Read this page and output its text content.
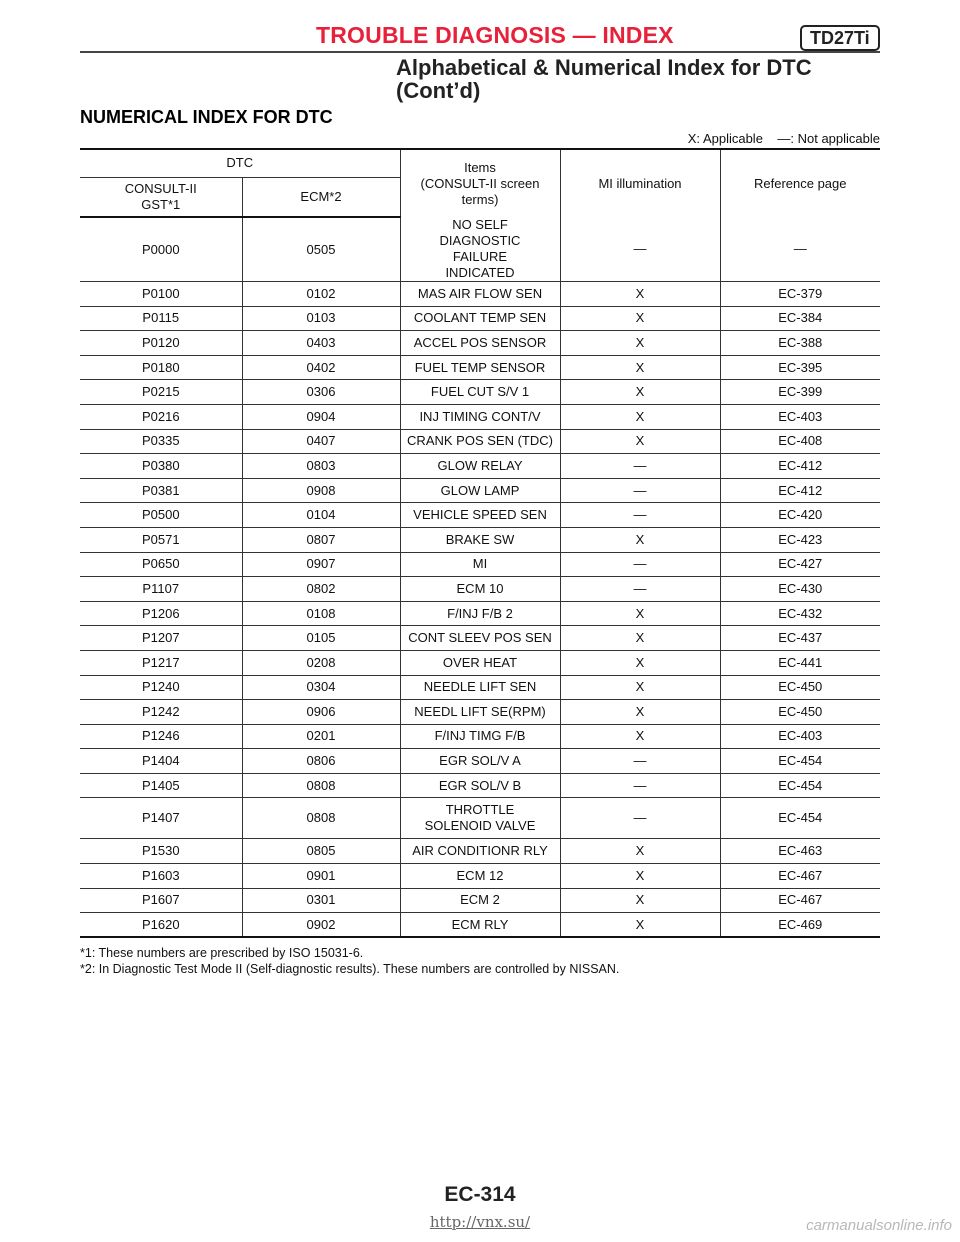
TROUBLE DIAGNOSIS — INDEX	TD27Ti
Alphabetical & Numerical Index for DTC
(Cont’d)
NUMERICAL INDEX FOR DTC
X: Applicable    —: Not applicable
DTC		Items
(CONSULT-II screen
terms)	MI illumination	Reference page

CONSULT-II
GST*1	ECM*2			
P0000	0505	NO SELF DIAGNOSTIC FAILURE INDICATED	—	—
P0100	0102	MAS AIR FLOW SEN	X	EC-379
P0115	0103	COOLANT TEMP SEN	X	EC-384
P0120	0403	ACCEL POS SENSOR	X	EC-388
P0180	0402	FUEL TEMP SENSOR	X	EC-395
P0215	0306	FUEL CUT S/V 1	X	EC-399
P0216	0904	INJ TIMING CONT/V	X	EC-403
P0335	0407	CRANK POS SEN (TDC)	X	EC-408
P0380	0803	GLOW RELAY	—	EC-412
P0381	0908	GLOW LAMP	—	EC-412
P0500	0104	VEHICLE SPEED SEN	—	EC-420
P0571	0807	BRAKE SW	X	EC-423
P0650	0907	MI	—	EC-427
P1107	0802	ECM 10	—	EC-430
P1206	0108	F/INJ F/B 2	X	EC-432
P1207	0105	CONT SLEEV POS SEN	X	EC-437
P1217	0208	OVER HEAT	X	EC-441
P1240	0304	NEEDLE LIFT SEN	X	EC-450
P1242	0906	NEEDL LIFT SE(RPM)	X	EC-450
P1246	0201	F/INJ TIMG F/B	X	EC-403
P1404	0806	EGR SOL/V A	—	EC-454
P1405	0808	EGR SOL/V B	—	EC-454
P1407	0808	THROTTLE SOLENOID VALVE	—	EC-454
P1530	0805	AIR CONDITIONR RLY	X	EC-463
P1603	0901	ECM 12	X	EC-467
P1607	0301	ECM 2	X	EC-467
P1620	0902	ECM RLY	X	EC-469
*1: These numbers are prescribed by ISO 15031-6.
*2: In Diagnostic Test Mode II (Self-diagnostic results). These numbers are controlled by NISSAN.
EC-314
http://vnx.su/	carmanualsonline.info
